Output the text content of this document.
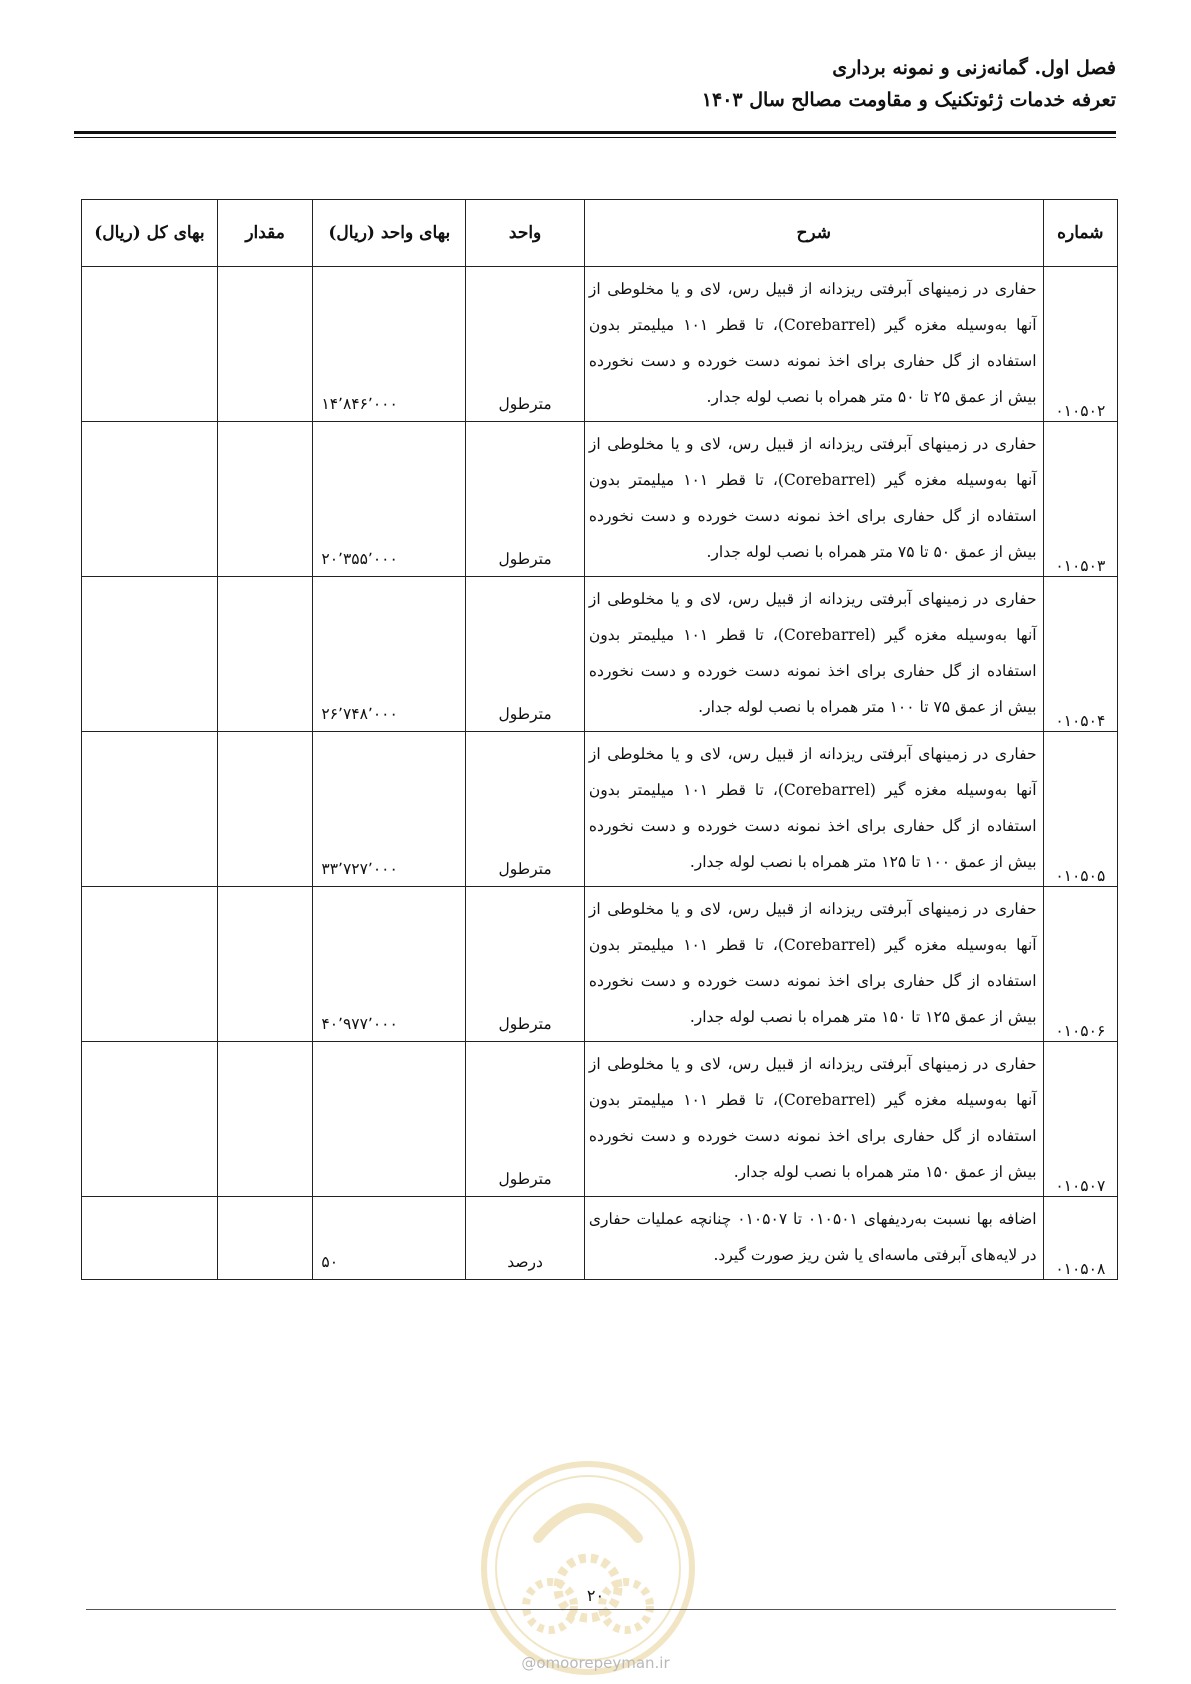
فصل اول. گمانه‌زنی و نمونه برداری
تعرفه خدمات ژئوتکنیک و مقاومت مصالح سال ۱۴۰۳
شماره	شرح	واحد	بهای واحد (ریال)	مقدار	بهای کل (ریال)
۰۱۰۵۰۲	حفاری در زمینهای آبرفتی ریزدانه از قبیل رس، لای و یا مخلوطی از آنها به‌وسیله مغزه گیر (Corebarrel)، تا قطر ۱۰۱ میلیمتر بدون استفاده از گل حفاری برای اخذ نمونه دست خورده و دست نخورده بیش از عمق ۲۵ تا ۵۰ متر همراه با نصب لوله جدار.	مترطول	۱۴٬۸۴۶٬۰۰۰		
۰۱۰۵۰۳	حفاری در زمینهای آبرفتی ریزدانه از قبیل رس، لای و یا مخلوطی از آنها به‌وسیله مغزه گیر (Corebarrel)، تا قطر ۱۰۱ میلیمتر بدون استفاده از گل حفاری برای اخذ نمونه دست خورده و دست نخورده بیش از عمق ۵۰ تا ۷۵ متر همراه با نصب لوله جدار.	مترطول	۲۰٬۳۵۵٬۰۰۰		
۰۱۰۵۰۴	حفاری در زمینهای آبرفتی ریزدانه از قبیل رس، لای و یا مخلوطی از آنها به‌وسیله مغزه گیر (Corebarrel)، تا قطر ۱۰۱ میلیمتر بدون استفاده از گل حفاری برای اخذ نمونه دست خورده و دست نخورده بیش از عمق ۷۵ تا ۱۰۰ متر همراه با نصب لوله جدار.	مترطول	۲۶٬۷۴۸٬۰۰۰		
۰۱۰۵۰۵	حفاری در زمینهای آبرفتی ریزدانه از قبیل رس، لای و یا مخلوطی از آنها به‌وسیله مغزه گیر (Corebarrel)، تا قطر ۱۰۱ میلیمتر بدون استفاده از گل حفاری برای اخذ نمونه دست خورده و دست نخورده بیش از عمق ۱۰۰ تا ۱۲۵ متر همراه با نصب لوله جدار.	مترطول	۳۳٬۷۲۷٬۰۰۰		
۰۱۰۵۰۶	حفاری در زمینهای آبرفتی ریزدانه از قبیل رس، لای و یا مخلوطی از آنها به‌وسیله مغزه گیر (Corebarrel)، تا قطر ۱۰۱ میلیمتر بدون استفاده از گل حفاری برای اخذ نمونه دست خورده و دست نخورده بیش از عمق ۱۲۵ تا ۱۵۰ متر همراه با نصب لوله جدار.	مترطول	۴۰٬۹۷۷٬۰۰۰		
۰۱۰۵۰۷	حفاری در زمینهای آبرفتی ریزدانه از قبیل رس، لای و یا مخلوطی از آنها به‌وسیله مغزه گیر (Corebarrel)، تا قطر ۱۰۱ میلیمتر بدون استفاده از گل حفاری برای اخذ نمونه دست خورده و دست نخورده بیش از عمق ۱۵۰ متر همراه با نصب لوله جدار.	مترطول			
۰۱۰۵۰۸	اضافه بها نسبت به‌ردیفهای ۰۱۰۵۰۱ تا ۰۱۰۵۰۷ چنانچه عملیات حفاری در لایه‌های آبرفتی ماسه‌ای یا شن ریز صورت گیرد.	درصد	۵۰		
۲۰
@omoorepeyman.ir
